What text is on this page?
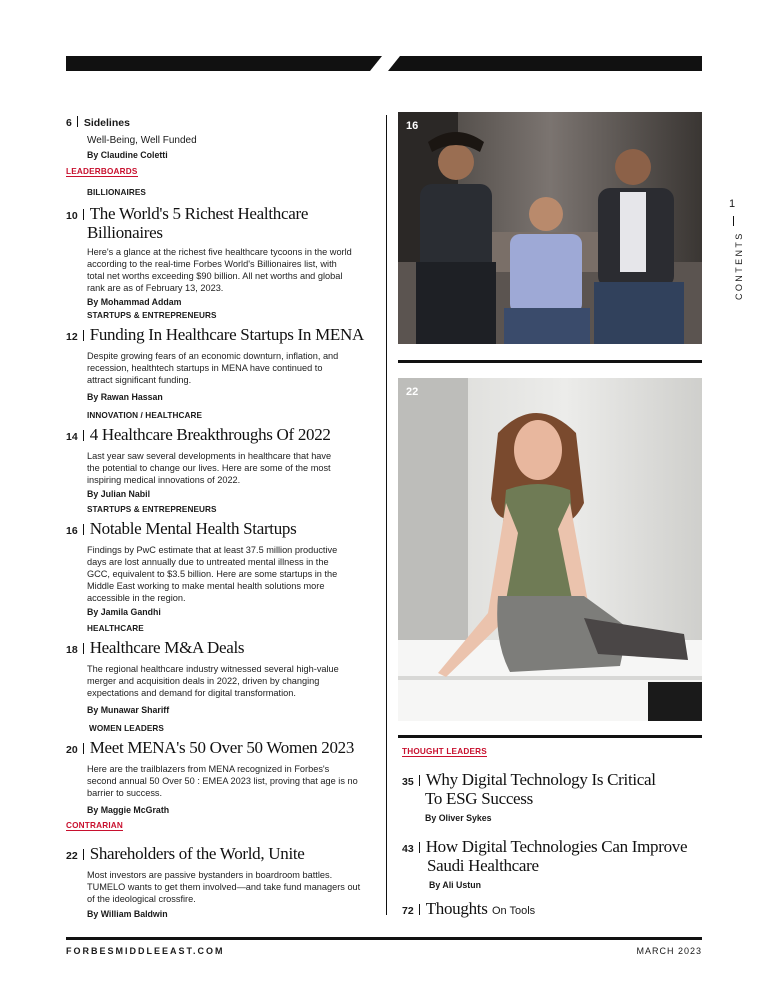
6 Sidelines
Well-Being, Well Funded
By Claudine Coletti
LEADERBOARDS
BILLIONAIRES
10 The World's 5 Richest Healthcare
Billionaires
Here's a glance at the richest five healthcare tycoons in the world
according to the real-time Forbes World's Billionaires list, with
total net worths exceeding $90 billion. All net worths and global
rank are as of February 13, 2023.
By Mohammad Addam
STARTUPS & ENTREPRENEURS
12 Funding In Healthcare Startups In MENA
Despite growing fears of an economic downturn, inflation, and
recession, healthtech startups in MENA have continued to
attract significant funding.
By Rawan Hassan
INNOVATION / HEALTHCARE
14 4 Healthcare Breakthroughs Of 2022
Last year saw several developments in healthcare that have
the potential to change our lives. Here are some of the most
inspiring medical innovations of 2022.
By Julian Nabil
STARTUPS & ENTREPRENEURS
16 Notable Mental Health Startups
Findings by PwC estimate that at least 37.5 million productive
days are lost annually due to untreated mental illness in the
GCC, equivalent to $3.5 billion. Here are some startups in the
Middle East working to make mental health solutions more
accessible in the region.
By Jamila Gandhi
HEALTHCARE
18 Healthcare M&A Deals
The regional healthcare industry witnessed several high-value
merger and acquisition deals in 2022, driven by changing
expectations and demand for digital transformation.
By Munawar Shariff
WOMEN LEADERS
20 Meet MENA's 50 Over 50 Women 2023
Here are the trailblazers from MENA recognized in Forbes's
second annual 50 Over 50 : EMEA 2023 list, proving that age is no
barrier to success.
By Maggie McGrath
CONTRARIAN
22 Shareholders of the World, Unite
Most investors are passive bystanders in boardroom battles.
TUMELO wants to get them involved—and take fund managers out
of the ideological crossfire.
By William Baldwin
16
22
THOUGHT LEADERS
35 Why Digital Technology Is Critical
To ESG Success
By Oliver Sykes
43 How Digital Technologies Can Improve
Saudi Healthcare
By Ali Ustun
72 Thoughts On Tools
1
CONTENTS
FORBESMIDDLEEAST.COM	MARCH 2023
